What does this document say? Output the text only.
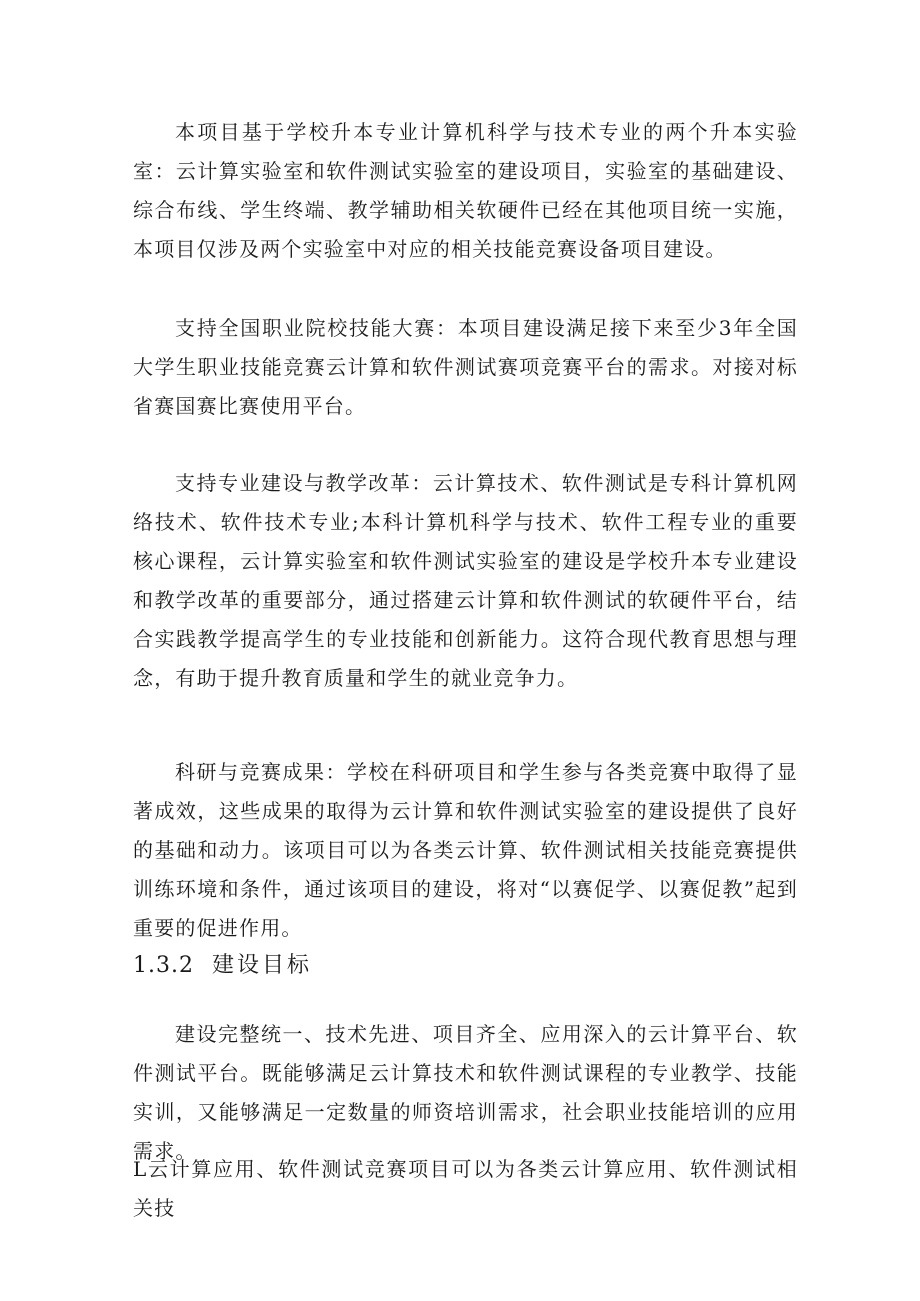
本项目基于学校升本专业计算机科学与技术专业的两个升本实验室：云计算实验室和软件测试实验室的建设项目，实验室的基础建设、综合布线、学生终端、教学辅助相关软硬件已经在其他项目统一实施，本项目仅涉及两个实验室中对应的相关技能竞赛设备项目建设。

支持全国职业院校技能大赛：本项目建设满足接下来至少3年全国大学生职业技能竞赛云计算和软件测试赛项竞赛平台的需求。对接对标省赛国赛比赛使用平台。

支持专业建设与教学改革：云计算技术、软件测试是专科计算机网络技术、软件技术专业;本科计算机科学与技术、软件工程专业的重要核心课程，云计算实验室和软件测试实验室的建设是学校升本专业建设和教学改革的重要部分，通过搭建云计算和软件测试的软硬件平台，结合实践教学提高学生的专业技能和创新能力。这符合现代教育思想与理念，有助于提升教育质量和学生的就业竞争力。

科研与竞赛成果：学校在科研项目和学生参与各类竞赛中取得了显著成效，这些成果的取得为云计算和软件测试实验室的建设提供了良好的基础和动力。该项目可以为各类云计算、软件测试相关技能竞赛提供训练环境和条件，通过该项目的建设，将对“以赛促学、以赛促教”起到重要的促进作用。

1.3.2 建设目标

建设完整统一、技术先进、项目齐全、应用深入的云计算平台、软件测试平台。既能够满足云计算技术和软件测试课程的专业教学、技能实训，又能够满足一定数量的师资培训需求，社会职业技能培训的应用需求。

L云计算应用、软件测试竞赛项目可以为各类云计算应用、软件测试相关技
